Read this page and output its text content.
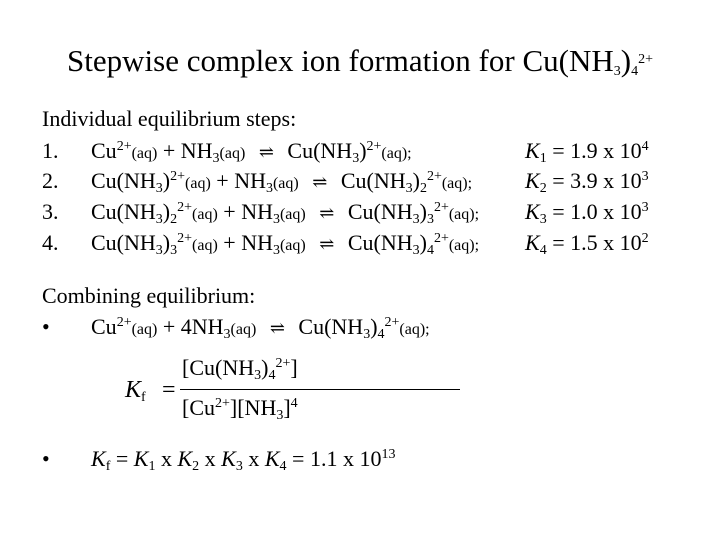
Stepwise complex ion formation for $Cu(NH_3)_4^{2+}$
Individual equilibrium steps:
1. $Cu^{2+}(aq) + NH_3(aq)$ ⇌ $Cu(NH_3)^{2+}(aq)$;	$K_1 = 1.9$ x $10^4$
2. $Cu(NH_3)^{2+}(aq) + NH_3(aq)$ ⇌ $Cu(NH_3)_2^{2+}(aq)$; $K_2 = 3.9$ x $10^3$
3. $Cu(NH_3)_2^{2+}(aq) + NH_3(aq)$ ⇌ $Cu(NH_3)_3^{2+}(aq)$; $K_3 = 1.0$ x $10^3$
4. $Cu(NH_3)_3^{2+}(aq) + NH_3(aq)$ ⇌ $Cu(NH_3)_4^{2+}(aq)$; $K_4 = 1.5$ x $10^2$
Combining equilibrium:
• $Cu^{2+}(aq) + 4NH_3(aq)$ ⇌ $Cu(NH_3)_4^{2+}(aq)$;
$K_f$ =
$[Cu(NH_3)_4^{2+}]$
$[Cu^{2+}][NH_3]^4$
• $K_f = K_1$ x $K_2$ x $K_3$ x $K_4 = 1.1$ x $10^{13}$
